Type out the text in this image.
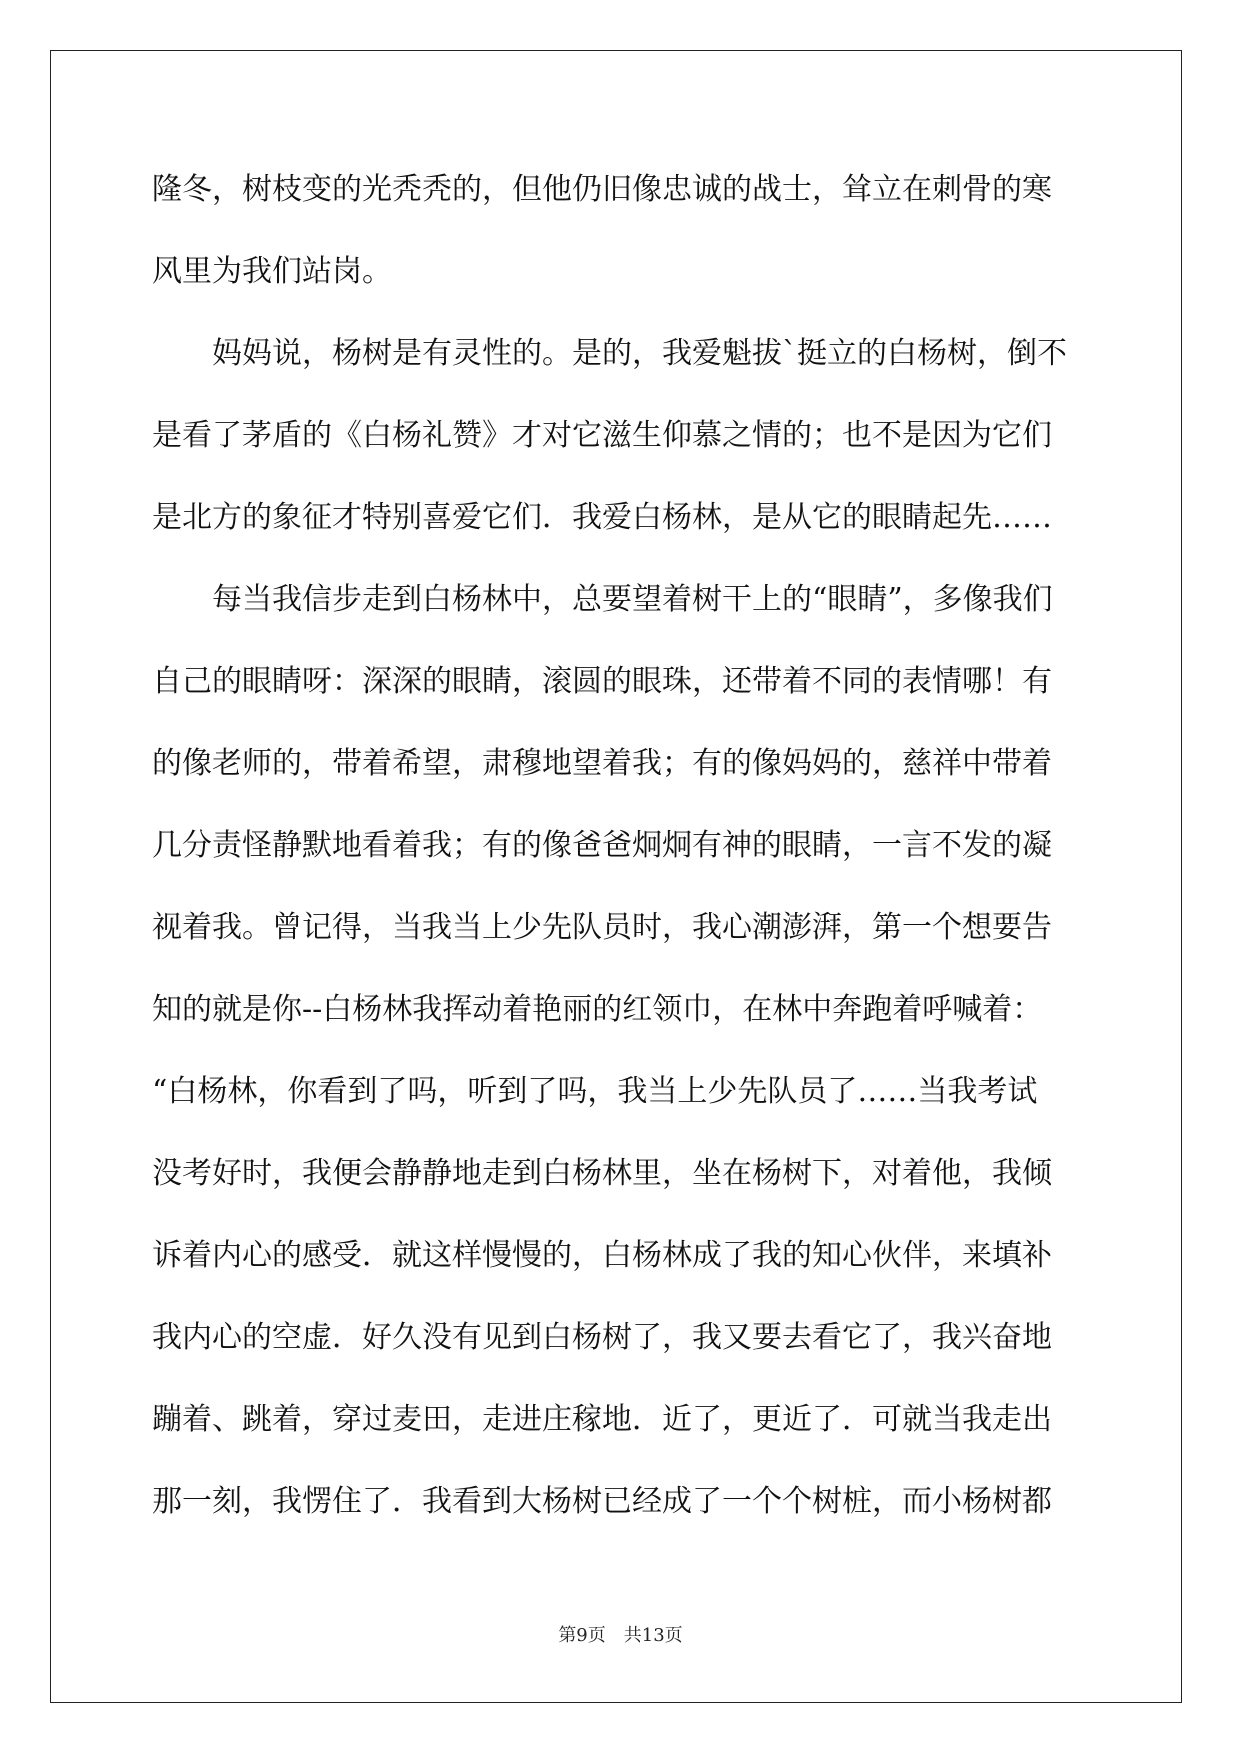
隆冬，树枝变的光秃秃的，但他仍旧像忠诚的战士，耸立在刺骨的寒
风里为我们站岗。
　　妈妈说，杨树是有灵性的。是的，我爱魁拔`挺立的白杨树，倒不
是看了茅盾的《白杨礼赞》才对它滋生仰慕之情的；也不是因为它们
是北方的象征才特别喜爱它们．我爱白杨林，是从它的眼睛起先……
　　每当我信步走到白杨林中，总要望着树干上的“眼睛”，多像我们
自己的眼睛呀：深深的眼睛，滚圆的眼珠，还带着不同的表情哪！有
的像老师的，带着希望，肃穆地望着我；有的像妈妈的，慈祥中带着
几分责怪静默地看着我；有的像爸爸炯炯有神的眼睛，一言不发的凝
视着我。曾记得，当我当上少先队员时，我心潮澎湃，第一个想要告
知的就是你--白杨林我挥动着艳丽的红领巾，在林中奔跑着呼喊着：
“白杨林，你看到了吗，听到了吗，我当上少先队员了……当我考试
没考好时，我便会静静地走到白杨林里，坐在杨树下，对着他，我倾
诉着内心的感受．就这样慢慢的，白杨林成了我的知心伙伴，来填补
我内心的空虚．好久没有见到白杨树了，我又要去看它了，我兴奋地
蹦着、跳着，穿过麦田，走进庄稼地．近了，更近了．可就当我走出
那一刻，我愣住了．我看到大杨树已经成了一个个树桩，而小杨树都
第9页　共13页
